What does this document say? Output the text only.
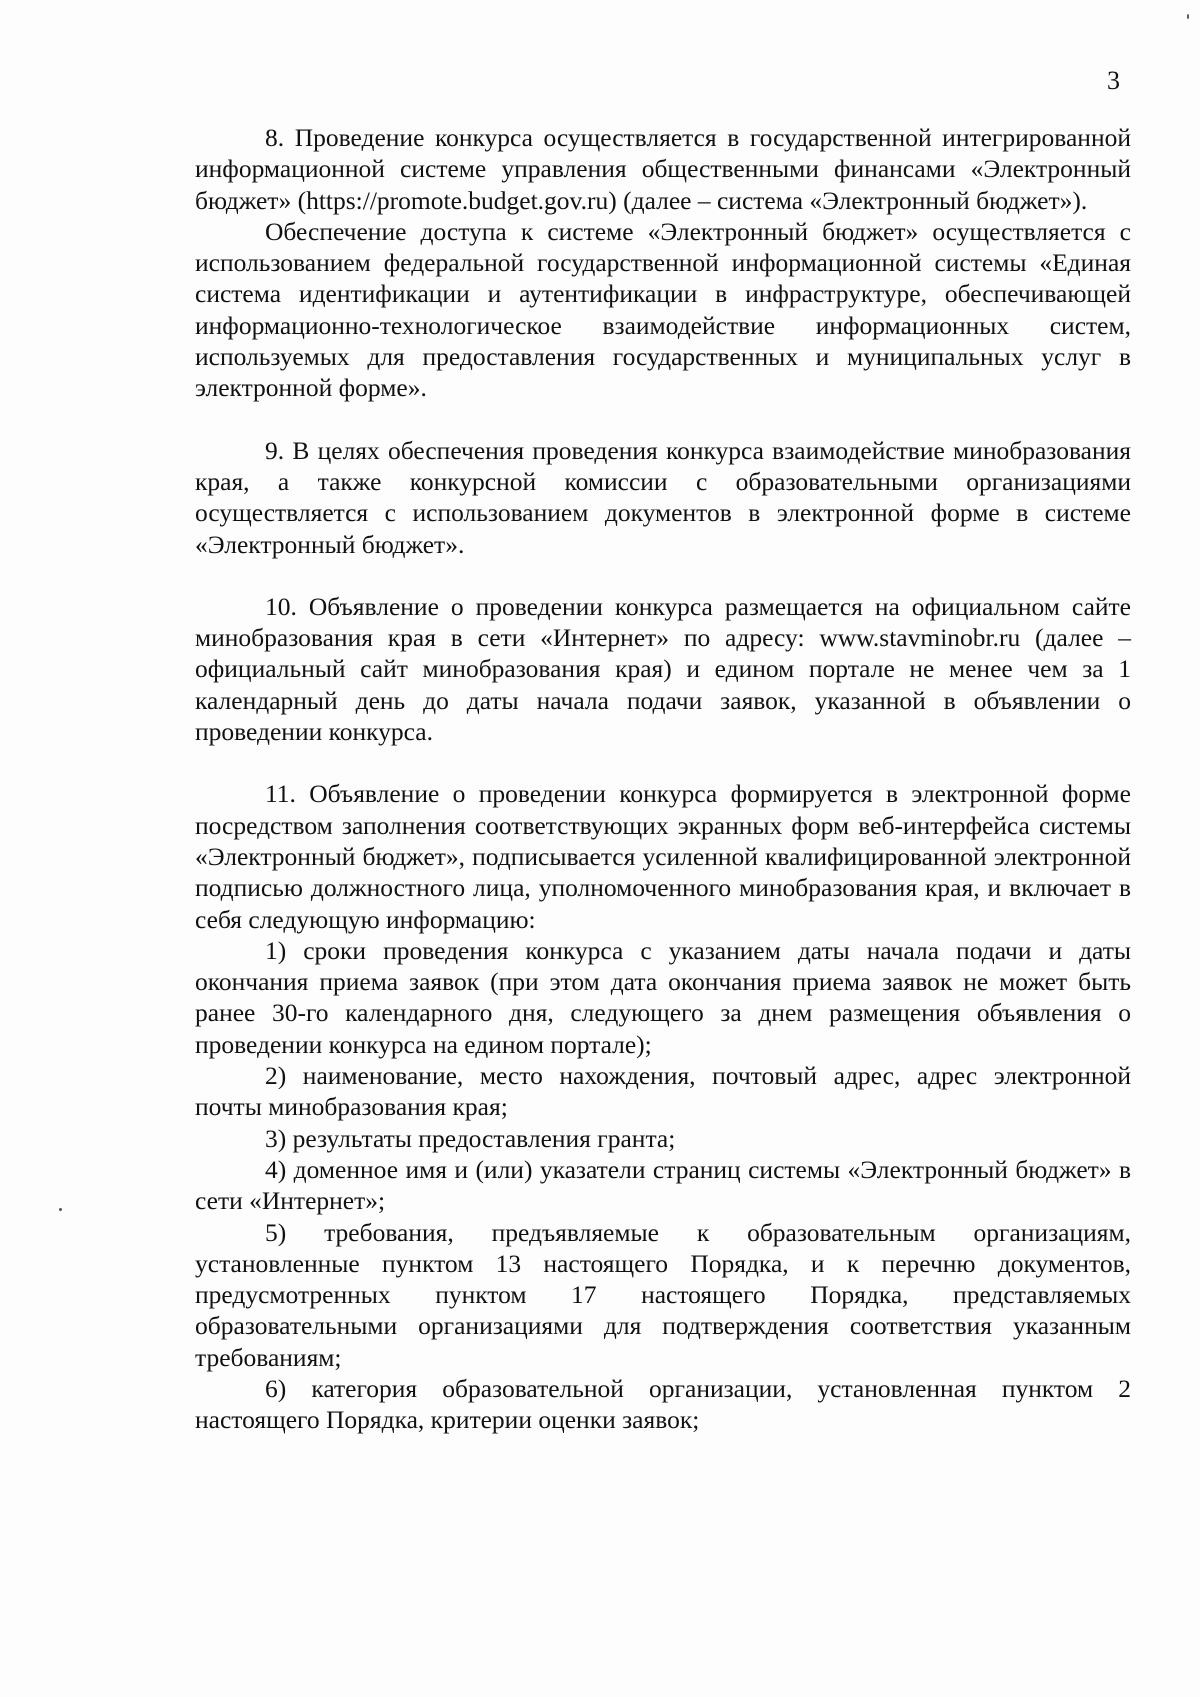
3

8. Проведение конкурса осуществляется в государственной интегрированной информационной системе управления общественными финансами «Электронный бюджет» (https://promote.budget.gov.ru) (далее – система «Электронный бюджет»).

Обеспечение доступа к системе «Электронный бюджет» осуществляется с использованием федеральной государственной информационной системы «Единая система идентификации и аутентификации в инфраструктуре, обеспечивающей информационно-технологическое взаимодействие информационных систем, используемых для предоставления государственных и муниципальных услуг в электронной форме».

9. В целях обеспечения проведения конкурса взаимодействие минобразования края, а также конкурсной комиссии с образовательными организациями осуществляется с использованием документов в электронной форме в системе «Электронный бюджет».

10. Объявление о проведении конкурса размещается на официальном сайте минобразования края в сети «Интернет» по адресу: www.stavminobr.ru (далее – официальный сайт минобразования края) и едином портале не менее чем за 1 календарный день до даты начала подачи заявок, указанной в объявлении о проведении конкурса.

11. Объявление о проведении конкурса формируется в электронной форме посредством заполнения соответствующих экранных форм веб-интерфейса системы «Электронный бюджет», подписывается усиленной квалифицированной электронной подписью должностного лица, уполномоченного минобразования края, и включает в себя следующую информацию:

1) сроки проведения конкурса с указанием даты начала подачи и даты окончания приема заявок (при этом дата окончания приема заявок не может быть ранее 30-го календарного дня, следующего за днем размещения объявления о проведении конкурса на едином портале);

2) наименование, место нахождения, почтовый адрес, адрес электронной почты минобразования края;

3) результаты предоставления гранта;

4) доменное имя и (или) указатели страниц системы «Электронный бюджет» в сети «Интернет»;

5) требования, предъявляемые к образовательным организациям, установленные пунктом 13 настоящего Порядка, и к перечню документов, предусмотренных пунктом 17 настоящего Порядка, представляемых образовательными организациями для подтверждения соответствия указанным требованиям;

6) категория образовательной организации, установленная пунктом 2 настоящего Порядка, критерии оценки заявок;
